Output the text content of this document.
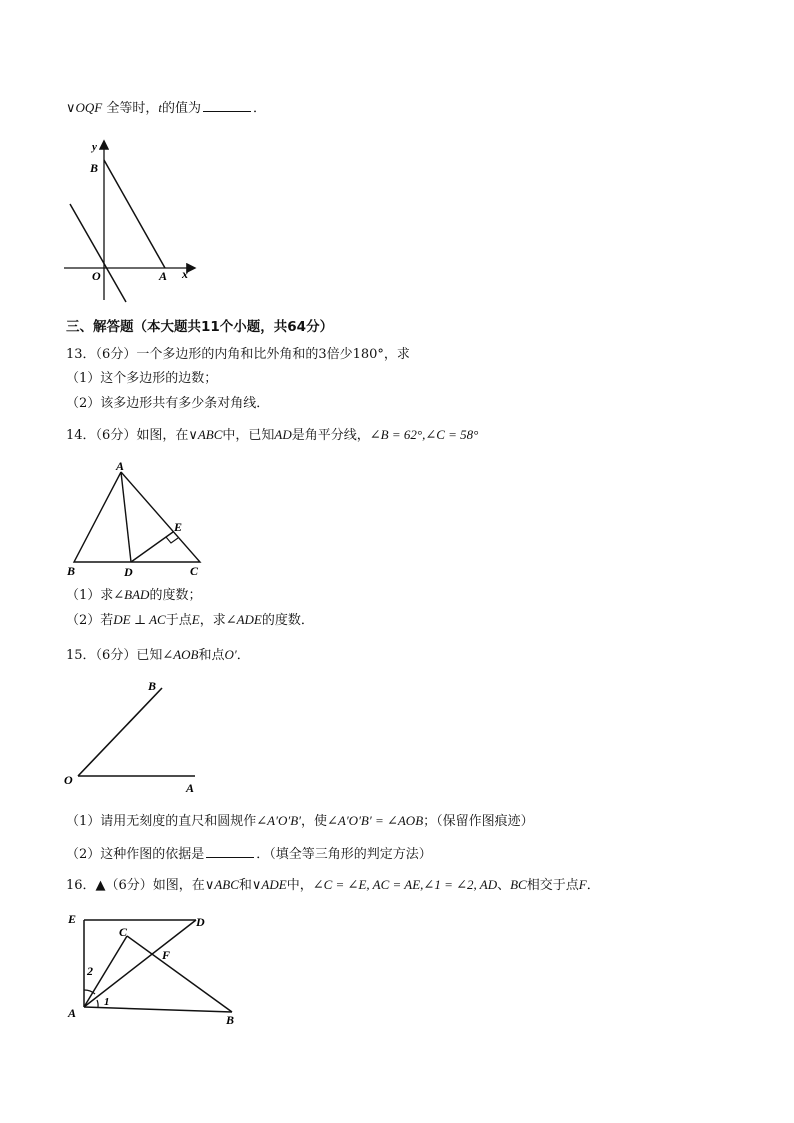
∨OQF 全等时，t的值为	．
y
B
O	A x
三、解答题（本大题共11个小题，共64分）
13．（6分）一个多边形的内角和比外角和的3倍少180°，求
（1）这个多边形的边数；
（2）该多边形共有多少条对角线．
14．（6分）如图，在∨ABC中，已知AD是角平分线，∠B = 62°,∠C = 58°
A
E
B	D	C
（1）求∠BAD的度数；
（2）若DE ⊥ AC于点E，求∠ADE的度数．
15．（6分）已知∠AOB和点O′．
B
O
A
（1）请用无刻度的直尺和圆规作∠A′O′B′，使∠A′O′B′ = ∠AOB；（保留作图痕迹）
（2）这种作图的依据是	．（填全等三角形的判定方法）
16．▲（6分）如图，在∨ABC和∨ADE中，∠C = ∠E, AC = AE,∠1 = ∠2, AD、BC相交于点F．
E	D
C
F
2
A
1
B
